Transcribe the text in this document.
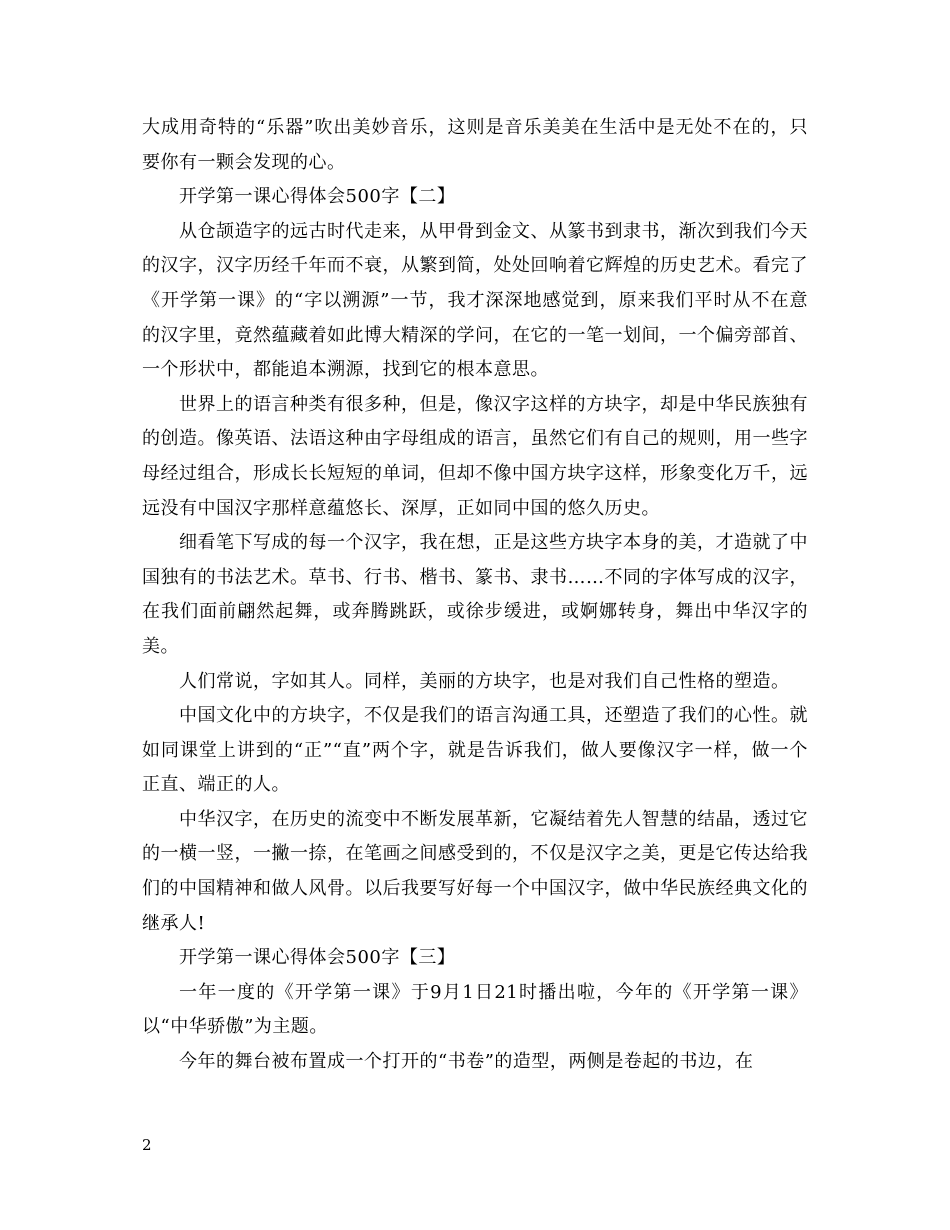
大成用奇特的“乐器”吹出美妙音乐，这则是音乐美美在生活中是无处不在的，只要你有一颗会发现的心。

开学第一课心得体会500字【二】

从仓颉造字的远古时代走来，从甲骨到金文、从篆书到隶书，渐次到我们今天的汉字，汉字历经千年而不衰，从繁到简，处处回响着它辉煌的历史艺术。看完了《开学第一课》的“字以溯源”一节，我才深深地感觉到，原来我们平时从不在意的汉字里，竟然蕴藏着如此博大精深的学问，在它的一笔一划间，一个偏旁部首、一个形状中，都能追本溯源，找到它的根本意思。

世界上的语言种类有很多种，但是，像汉字这样的方块字，却是中华民族独有的创造。像英语、法语这种由字母组成的语言，虽然它们有自己的规则，用一些字母经过组合，形成长长短短的单词，但却不像中国方块字这样，形象变化万千，远远没有中国汉字那样意蕴悠长、深厚，正如同中国的悠久历史。

细看笔下写成的每一个汉字，我在想，正是这些方块字本身的美，才造就了中国独有的书法艺术。草书、行书、楷书、篆书、隶书……不同的字体写成的汉字，在我们面前翩然起舞，或奔腾跳跃，或徐步缓进，或婀娜转身，舞出中华汉字的美。

人们常说，字如其人。同样，美丽的方块字，也是对我们自己性格的塑造。

中国文化中的方块字，不仅是我们的语言沟通工具，还塑造了我们的心性。就如同课堂上讲到的“正”“直”两个字，就是告诉我们，做人要像汉字一样，做一个正直、端正的人。

中华汉字，在历史的流变中不断发展革新，它凝结着先人智慧的结晶，透过它的一横一竖，一撇一捺，在笔画之间感受到的，不仅是汉字之美，更是它传达给我们的中国精神和做人风骨。以后我要写好每一个中国汉字，做中华民族经典文化的继承人!

开学第一课心得体会500字【三】

一年一度的《开学第一课》于9月1日21时播出啦，今年的《开学第一课》以“中华骄傲”为主题。

今年的舞台被布置成一个打开的“书卷”的造型，两侧是卷起的书边，在

2
